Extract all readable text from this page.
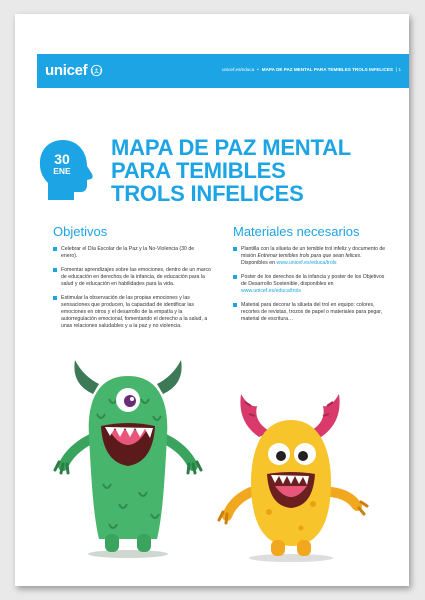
unicef	unicef.es/educa • MAPA DE PAZ MENTAL PARA TEMIBLES TROLS INFELICES | 1
30
ENE
MAPA DE PAZ MENTAL
PARA TEMIBLES
TROLS INFELICES
Objetivos
Celebrar el Día Escolar de la Paz y la No-Violencia (30 de enero).
Fomentar aprendizajes sobre las emociones, dentro de un marco de educación en derechos de la infancia, de educación para la salud y de educación en habilidades para la vida.
Estimular la observación de las propias emociones y las sensaciones que producen, la capacidad de identificar las emociones en otros y el desarrollo de la empatía y la autorregulación emocional, fomentando el derecho a la salud, a unas relaciones saludables y a la paz y no violencia.
Materiales necesarios
Plantilla con la silueta de un temible trol infeliz y documento de misión Entrenar temibles trols para que sean felices. Disponibles en www.unicef.es/educa/trols
Poster de los derechos de la infancia y poster de los Objetivos de Desarrollo Sostenible, disponibles en www.unicef.es/educa/trols
Material para decorar la silueta del trol en equipo: colores, recortes de revistas, trozos de papel o materiales para pegar, material de escritura…
